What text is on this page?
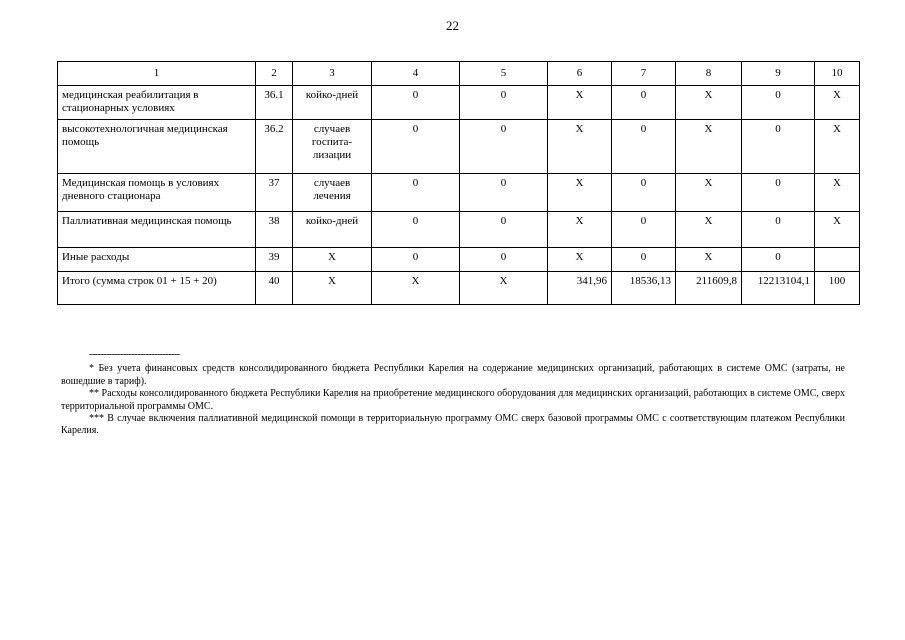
22
1	2	3	4	5	6	7	8	9	10
медицинская реабилитация в стационарных условиях	36.1	койко-дней	0	0	X	0	X	0	X
высокотехнологичная медицинская помощь	36.2	случаев госпита-лизации	0	0	X	0	X	0	X
Медицинская помощь в условиях дневного стационара	37	случаев лечения	0	0	X	0	X	0	X
Паллиативная медицинская помощь	38	койко-дней	0	0	X	0	X	0	X
Иные расходы	39	X	0	0	X	0	X	0	
Итого (сумма строк 01 + 15 + 20)	40	X	X	X	341,96	18536,13	211609,8	12213104,1	100
--------------------------------

* Без учета финансовых средств консолидированного бюджета Республики Карелия на содержание медицинских организаций, работающих в системе ОМС (затраты, не вошедшие в тариф).

** Расходы консолидированного бюджета Республики Карелия на приобретение медицинского оборудования для медицинских организаций, работающих в системе ОМС, сверх территориальной программы ОМС.

*** В случае включения паллиативной медицинской помощи в территориальную программу ОМС сверх базовой программы ОМС с соответствующим платежом Республики Карелия.
